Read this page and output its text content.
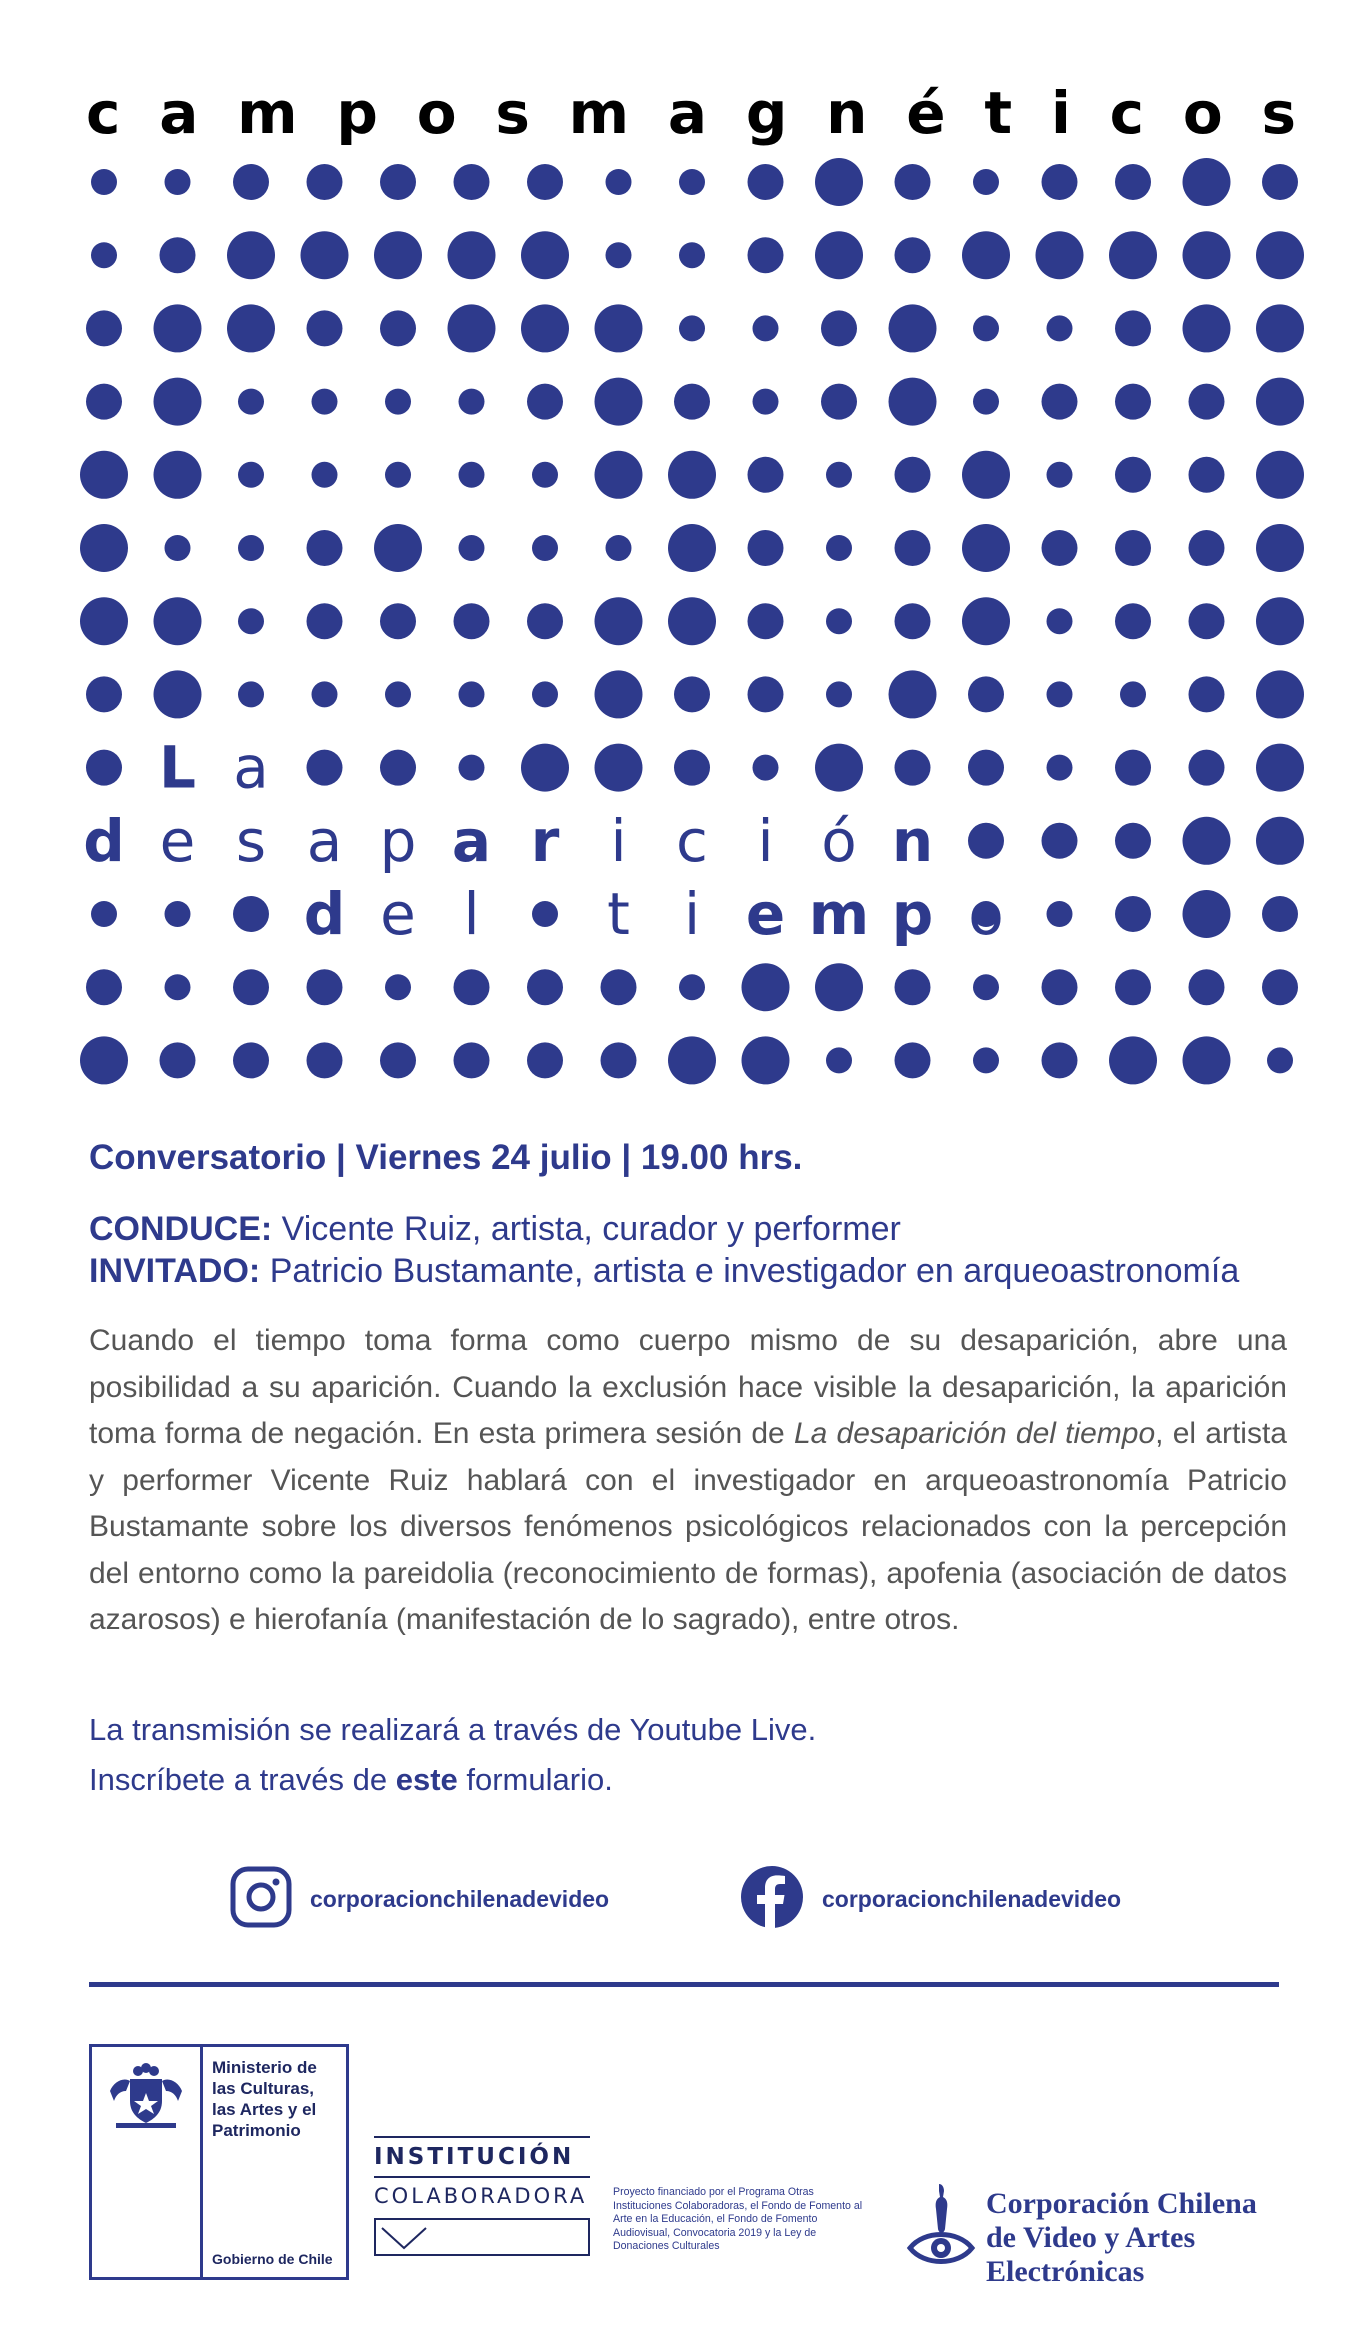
c a m p o s m a g n é t i c o s
L a
d e s a p a r i c i ó n
d e l t i e m p o
Conversatorio | Viernes 24 julio | 19.00 hrs.
CONDUCE: Vicente Ruiz, artista, curador y performer
INVITADO: Patricio Bustamante, artista e investigador en arqueoastronomía
Cuando el tiempo toma forma como cuerpo mismo de su desaparición, abre una posibilidad a su aparición. Cuando la exclusión hace visible la desaparición, la aparición toma forma de negación. En esta primera sesión de La desaparición del tiempo, el artista y performer Vicente Ruiz hablará con el investigador en arqueoastronomía Patricio Bustamante sobre los diversos fenómenos psicológicos relacionados con la percepción del entorno como la pareidolia (reconocimiento de formas), apofenia (asociación de datos azarosos) e hierofanía (manifestación de lo sagrado), entre otros.
La transmisión se realizará a través de Youtube Live.
Inscríbete a través de este formulario.
corporacionchilenadevideo	corporacionchilenadevideo
Ministerio de
las Culturas,
las Artes y el
Patrimonio
Gobierno de Chile
INSTITUCIÓN
COLABORADORA Proyecto financiado por el Programa Otras Instituciones Colaboradoras, el Fondo de Fomento al Arte en la Educación, el Fondo de Fomento Audiovisual, Convocatoria 2019 y la Ley de Donaciones Culturales
Corporación Chilena
de Video y Artes
Electrónicas
